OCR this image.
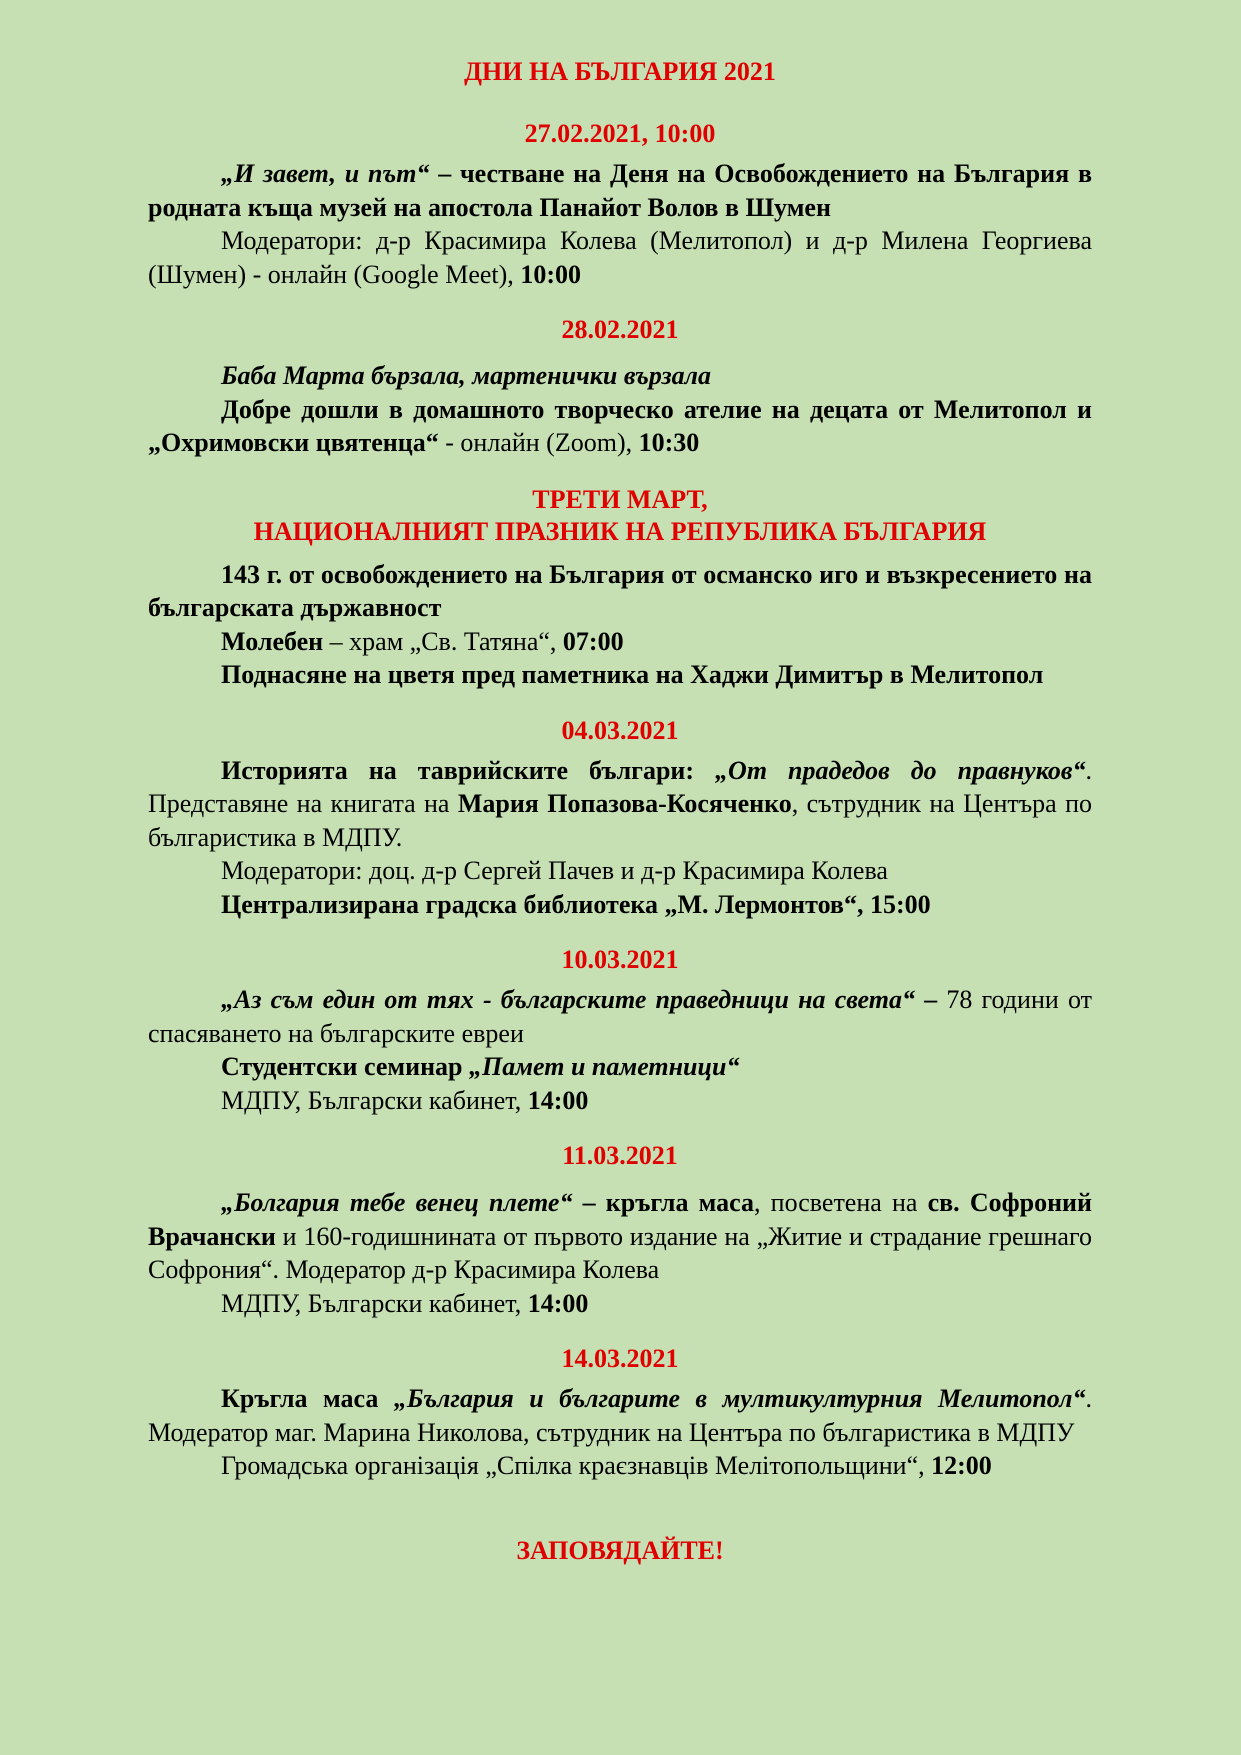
ДНИ НА БЪЛГАРИЯ 2021
27.02.2021, 10:00
„И завет, и път“ – честване на Деня на Освобождението на България в родната къща музей на апостола Панайот Волов в Шумен
Модератори: д-р Красимира Колева (Мелитопол) и д-р Милена Георгиева (Шумен) - онлайн (Google Meet), 10:00
28.02.2021
Баба Марта бързала, мартенички вързала
Добре дошли в домашното творческо ателие на децата от Мелитопол и „Охримовски цвятенца“ - онлайн (Zoom), 10:30
ТРЕТИ МАРТ,
НАЦИОНАЛНИЯТ ПРАЗНИК НА РЕПУБЛИКА БЪЛГАРИЯ
143 г. от освобождението на България от османско иго и възкресението на българската държавност
Молебен – храм „Св. Татяна“, 07:00
Поднасяне на цветя пред паметника на Хаджи Димитър в Мелитопол
04.03.2021
Историята на таврийските българи: „От прадедов до правнуков“. Представяне на книгата на Мария Попазова-Косяченко, сътрудник на Центъра по българистика в МДПУ.
Модератори: доц. д-р Сергей Пачев и д-р Красимира Колева
Централизирана градска библиотека „М. Лермонтов“, 15:00
10.03.2021
„Аз съм един от тях - българските праведници на света“ – 78 години от спасяването на българските евреи
Студентски семинар „Памет и паметници“
МДПУ, Български кабинет, 14:00
11.03.2021
„Болгария тебе венец плете“ – кръгла маса, посветена на св. Софроний Врачански и 160-годишнината от първото издание на „Житие и страдание грешнаго Софрония“. Модератор д-р Красимира Колева
МДПУ, Български кабинет, 14:00
14.03.2021
Кръгла маса „България и българите в мултикултурния Мелитопол“. Модератор маг. Марина Николова, сътрудник на Центъра по българистика в МДПУ
Громадська організація „Спілка краєзнавців Мелітопольщини“, 12:00
ЗАПОВЯДАЙТЕ!
